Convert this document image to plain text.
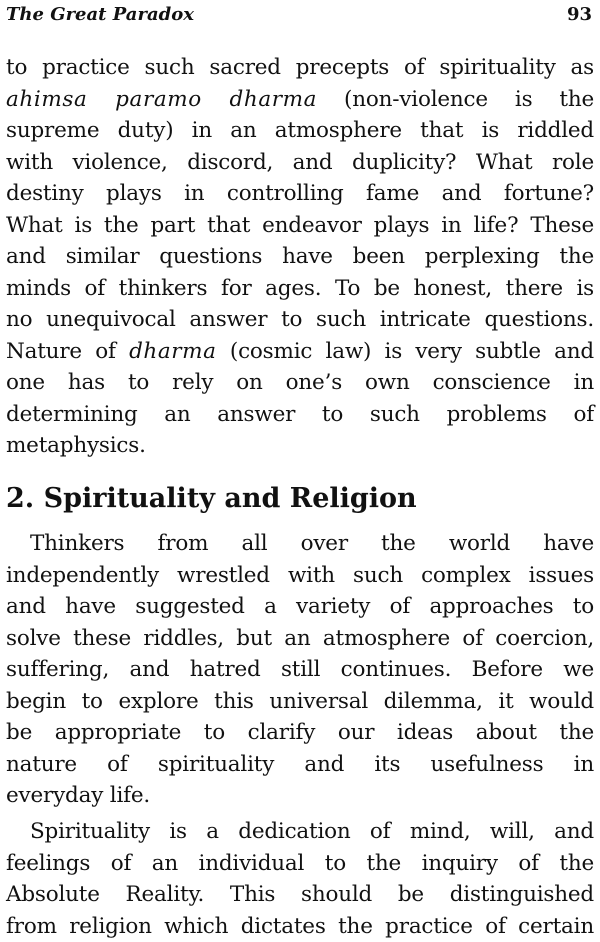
The Great Paradox	93

to practice such sacred precepts of spirituality as
ahimsa paramo dharma (non-violence is the
supreme duty) in an atmosphere that is riddled
with violence, discord, and duplicity? What role
destiny plays in controlling fame and fortune?
What is the part that endeavor plays in life? These
and similar questions have been perplexing the
minds of thinkers for ages. To be honest, there is
no unequivocal answer to such intricate questions.
Nature of dharma (cosmic law) is very subtle and
one has to rely on one’s own conscience in
determining an answer to such problems of
metaphysics.

2. Spirituality and Religion

Thinkers from all over the world have
independently wrestled with such complex issues
and have suggested a variety of approaches to
solve these riddles, but an atmosphere of coercion,
suffering, and hatred still continues. Before we
begin to explore this universal dilemma, it would
be appropriate to clarify our ideas about the
nature of spirituality and its usefulness in
everyday life.

Spirituality is a dedication of mind, will, and
feelings of an individual to the inquiry of the
Absolute Reality. This should be distinguished
from religion which dictates the practice of certain
